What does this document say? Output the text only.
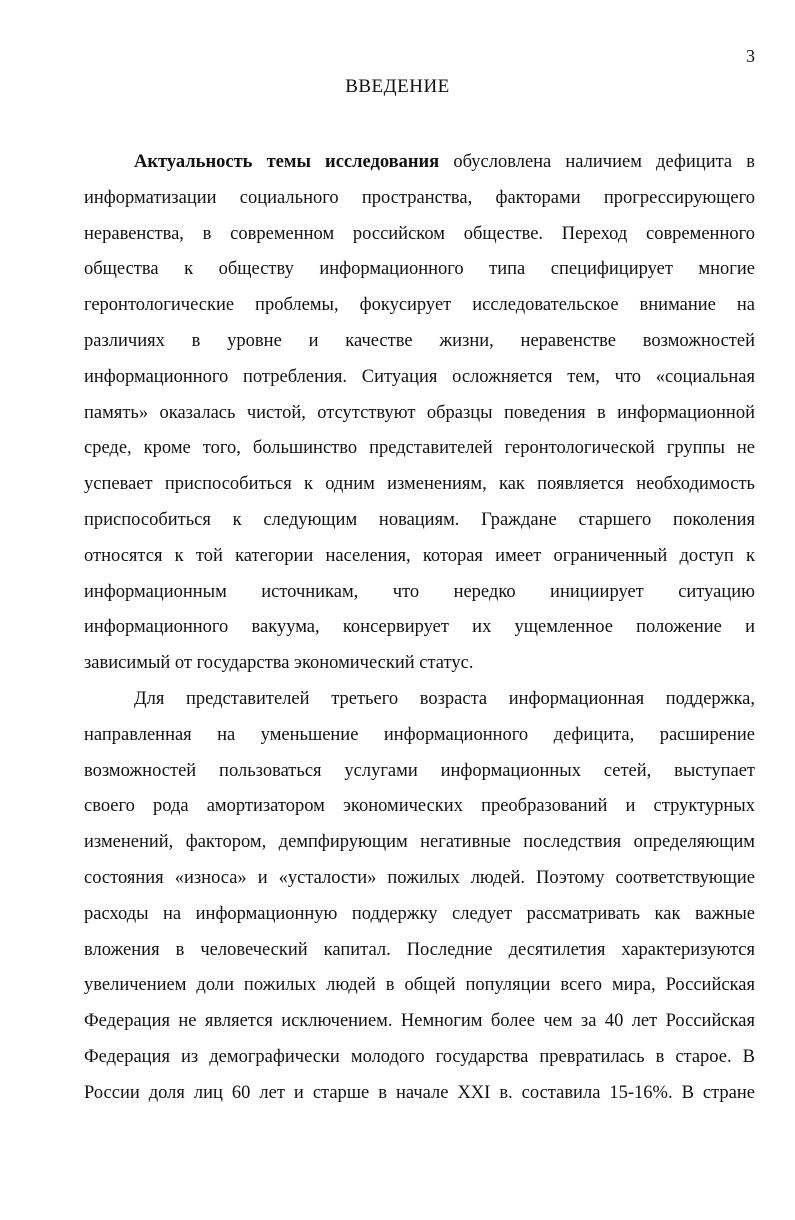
3
ВВЕДЕНИЕ
Актуальность темы исследования обусловлена наличием дефицита в
информатизации социального пространства, факторами прогрессирующего
неравенства, в современном российском обществе. Переход современного
общества к обществу информационного типа специфицирует многие
геронтологические проблемы, фокусирует исследовательское внимание на
различиях в уровне и качестве жизни, неравенстве возможностей
информационного потребления. Ситуация осложняется тем, что «социальная
память» оказалась чистой, отсутствуют образцы поведения в информационной
среде, кроме того, большинство представителей геронтологической группы не
успевает приспособиться к одним изменениям, как появляется необходимость
приспособиться к следующим новациям. Граждане старшего поколения
относятся к той категории населения, которая имеет ограниченный доступ к
информационным источникам, что нередко инициирует ситуацию
информационного вакуума, консервирует их ущемленное положение и
зависимый от государства экономический статус.
Для представителей третьего возраста информационная поддержка,
направленная на уменьшение информационного дефицита, расширение
возможностей пользоваться услугами информационных сетей, выступает
своего рода амортизатором экономических преобразований и структурных
изменений, фактором, демпфирующим негативные последствия определяющим
состояния «износа» и «усталости» пожилых людей. Поэтому соответствующие
расходы на информационную поддержку следует рассматривать как важные
вложения в человеческий капитал. Последние десятилетия характеризуются
увеличением доли пожилых людей в общей популяции всего мира, Российская
Федерация не является исключением. Немногим более чем за 40 лет Российская
Федерация из демографически молодого государства превратилась в старое. В
России доля лиц 60 лет и старше в начале XXI в. составила 15-16%. В стране
